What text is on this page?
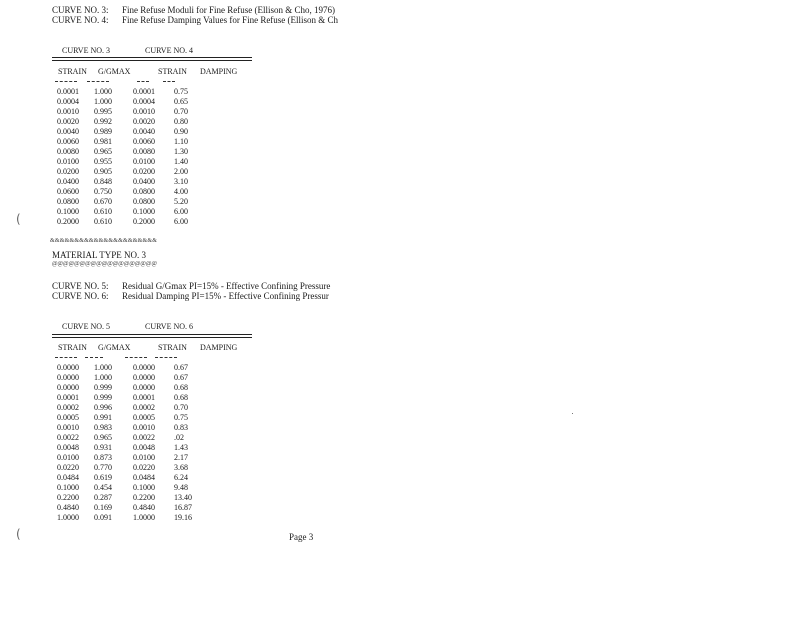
CURVE NO. 3: Fine Refuse Moduli for Fine Refuse (Ellison & Cho, 1976)
CURVE NO. 4: Fine Refuse Damping Values for Fine Refuse (Ellison & Ch
CURVE NO. 3	CURVE NO. 4
STRAIN G/GMAX	STRAIN DAMPING
0.0001 1.000	0.0001 0.75
0.0004 1.000	0.0004 0.65
0.0010 0.995	0.0010 0.70
0.0020 0.992	0.0020 0.80
0.0040 0.989	0.0040 0.90
0.0060 0.981	0.0060 1.10
0.0080 0.965	0.0080 1.30
0.0100 0.955	0.0100 1.40
0.0200 0.905	0.0200 2.00
0.0400 0.848	0.0400 3.10
0.0600 0.750	0.0800 4.00
0.0800 0.670	0.0800 5.20
0.1000 0.610	0.1000 6.00
0.2000 0.610	0.2000 6.00
&&&&&&&&&&&&&&&&&&&&&&
MATERIAL TYPE NO. 3
@@@@@@@@@@@@@@@@@@@
CURVE NO. 5: Residual G/Gmax PI=15% - Effective Confining Pressure
CURVE NO. 6: Residual Damping PI=15% - Effective Confining Pressur
CURVE NO. 5	CURVE NO. 6
STRAIN G/GMAX	STRAIN DAMPING
0.0000 1.000	0.0000 0.67
0.0000 1.000	0.0000 0.67
0.0000 0.999	0.0000 0.68
0.0001 0.999	0.0001 0.68
0.0002 0.996	0.0002 0.70
0.0005 0.991	0.0005 0.75
0.0010 0.983	0.0010 0.83
0.0022 0.965	0.0022 .02
0.0048 0.931	0.0048 1.43
0.0100 0.873	0.0100 2.17
0.0220 0.770	0.0220 3.68
0.0484 0.619	0.0484 6.24
0.1000 0.454	0.1000 9.48
0.2200 0.287	0.2200 13.40
0.4840 0.169	0.4840 16.87
1.0000 0.091	1.0000 19.16
Page 3
(
(
